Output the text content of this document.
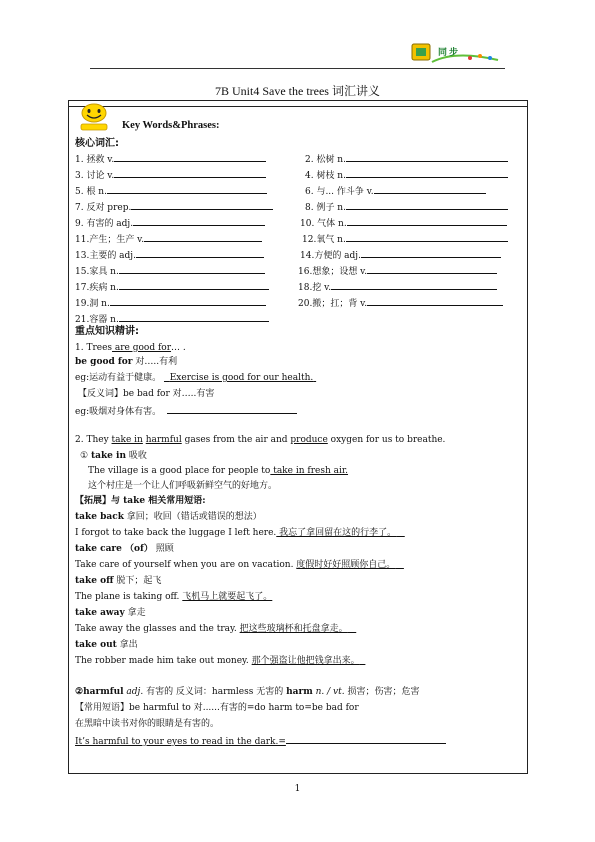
同步
7B Unit4 Save the trees 词汇讲义
Key Words&Phrases:
核心词汇:
1. 拯救 v.	2. 松树 n.
3. 讨论 v.	4. 树枝 n.
5. 根 n.	6. 与... 作斗争 v.
7. 反对 prep.	8. 例子 n.
9. 有害的 adj.	10. 气体 n.
11.产生；生产 v.	12.氧气 n.
13.主要的 adj.	14.方便的 adj.
15.家具 n.	16.想象；设想 v.
17.疾病 n.	18.挖 v.
19.洞 n.	20.搬；扛；背 v.
21.容器 n.
重点知识精讲:
1. Trees are good for… .
be good for 对…..有利
eg:运动有益于健康。   Exercise is good for our health.
【反义词】be bad for 对…..有害
eg:吸烟对身体有害。
2. They take in harmful gases from the air and produce oxygen for us to breathe.
① take in 吸收
The village is a good place for people to take in fresh air.
这个村庄是一个让人们呼吸新鲜空气的好地方。
【拓展】与 take 相关常用短语:
take back 拿回；收回（错话或错误的想法）
I forgot to take back the luggage I left here. 我忘了拿回留在这的行李了。
take care （of） 照顾
Take care of yourself when you are on vacation. 度假时好好照顾你自己。
take off 脱下；起飞
The plane is taking off. 飞机马上就要起飞了。
take away 拿走
Take away the glasses and the tray. 把这些玻璃杯和托盘拿走。
take out 拿出
The robber made him take out money. 那个强盗让他把钱拿出来。
②harmful adj. 有害的 反义词：harmless 无害的 harm n. / vt. 损害；伤害；危害
【常用短语】be harmful to 对......有害的=do harm to=be bad for
在黑暗中读书对你的眼睛是有害的。
It’s harmful to your eyes to read in the dark.=
1
